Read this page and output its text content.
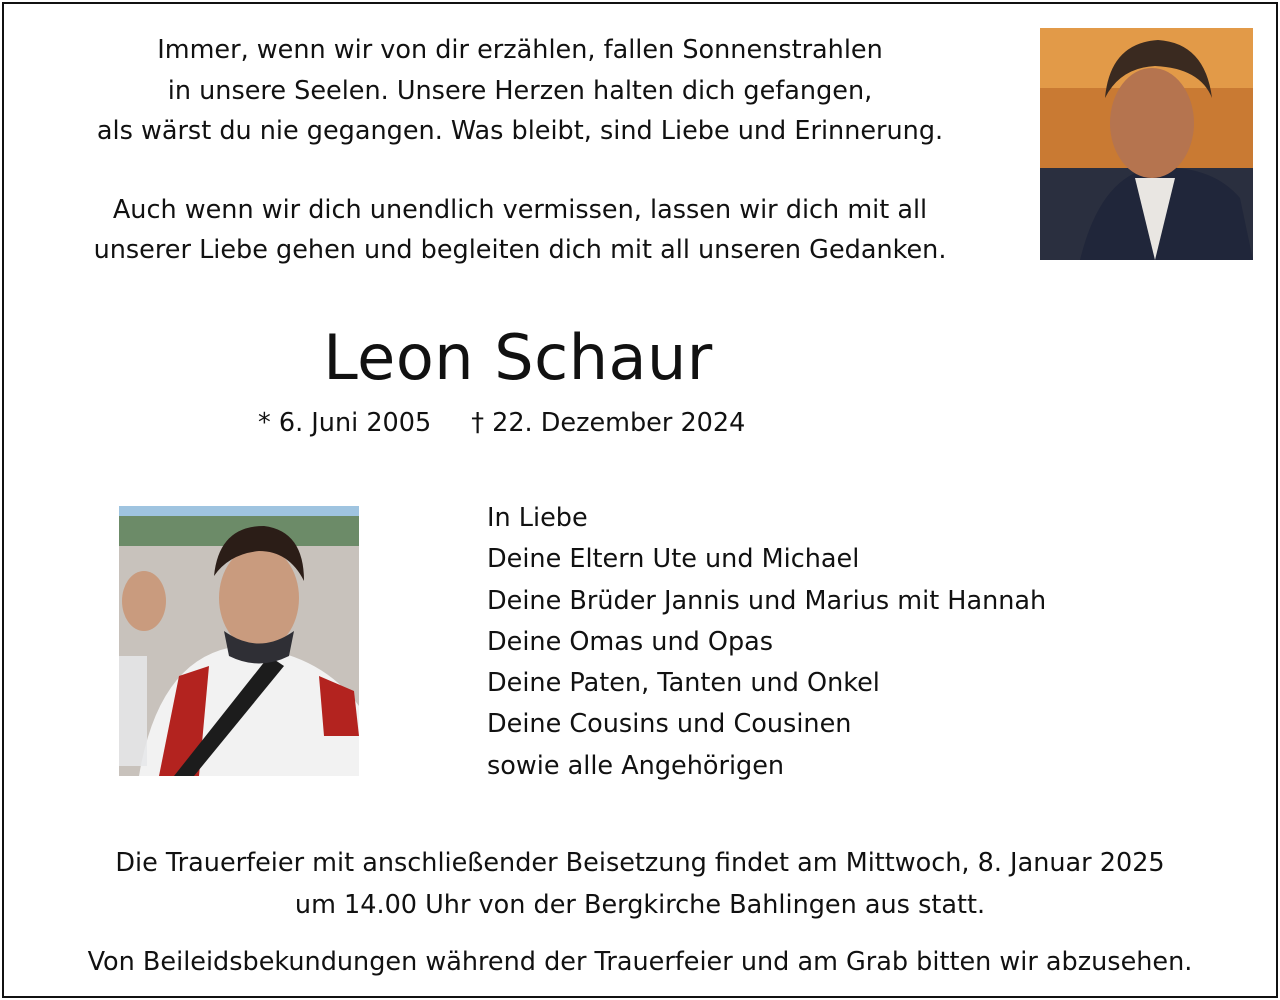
Immer, wenn wir von dir erzählen, fallen Sonnenstrahlen

in unsere Seelen. Unsere Herzen halten dich gefangen,

als wärst du nie gegangen. Was bleibt, sind Liebe und Erinnerung.

Auch wenn wir dich unendlich vermissen, lassen wir dich mit all

unserer Liebe gehen und begleiten dich mit all unseren Gedanken.

Leon Schaur
* 6. Juni 2005 † 22. Dezember 2024
In Liebe
Deine Eltern Ute und Michael
Deine Brüder Jannis und Marius mit Hannah
Deine Omas und Opas
Deine Paten, Tanten und Onkel
Deine Cousins und Cousinen
sowie alle Angehörigen
Die Trauerfeier mit anschließender Beisetzung findet am Mittwoch, 8. Januar 2025
um 14.00 Uhr von der Bergkirche Bahlingen aus statt.
Von Beileidsbekundungen während der Trauerfeier und am Grab bitten wir abzusehen.
